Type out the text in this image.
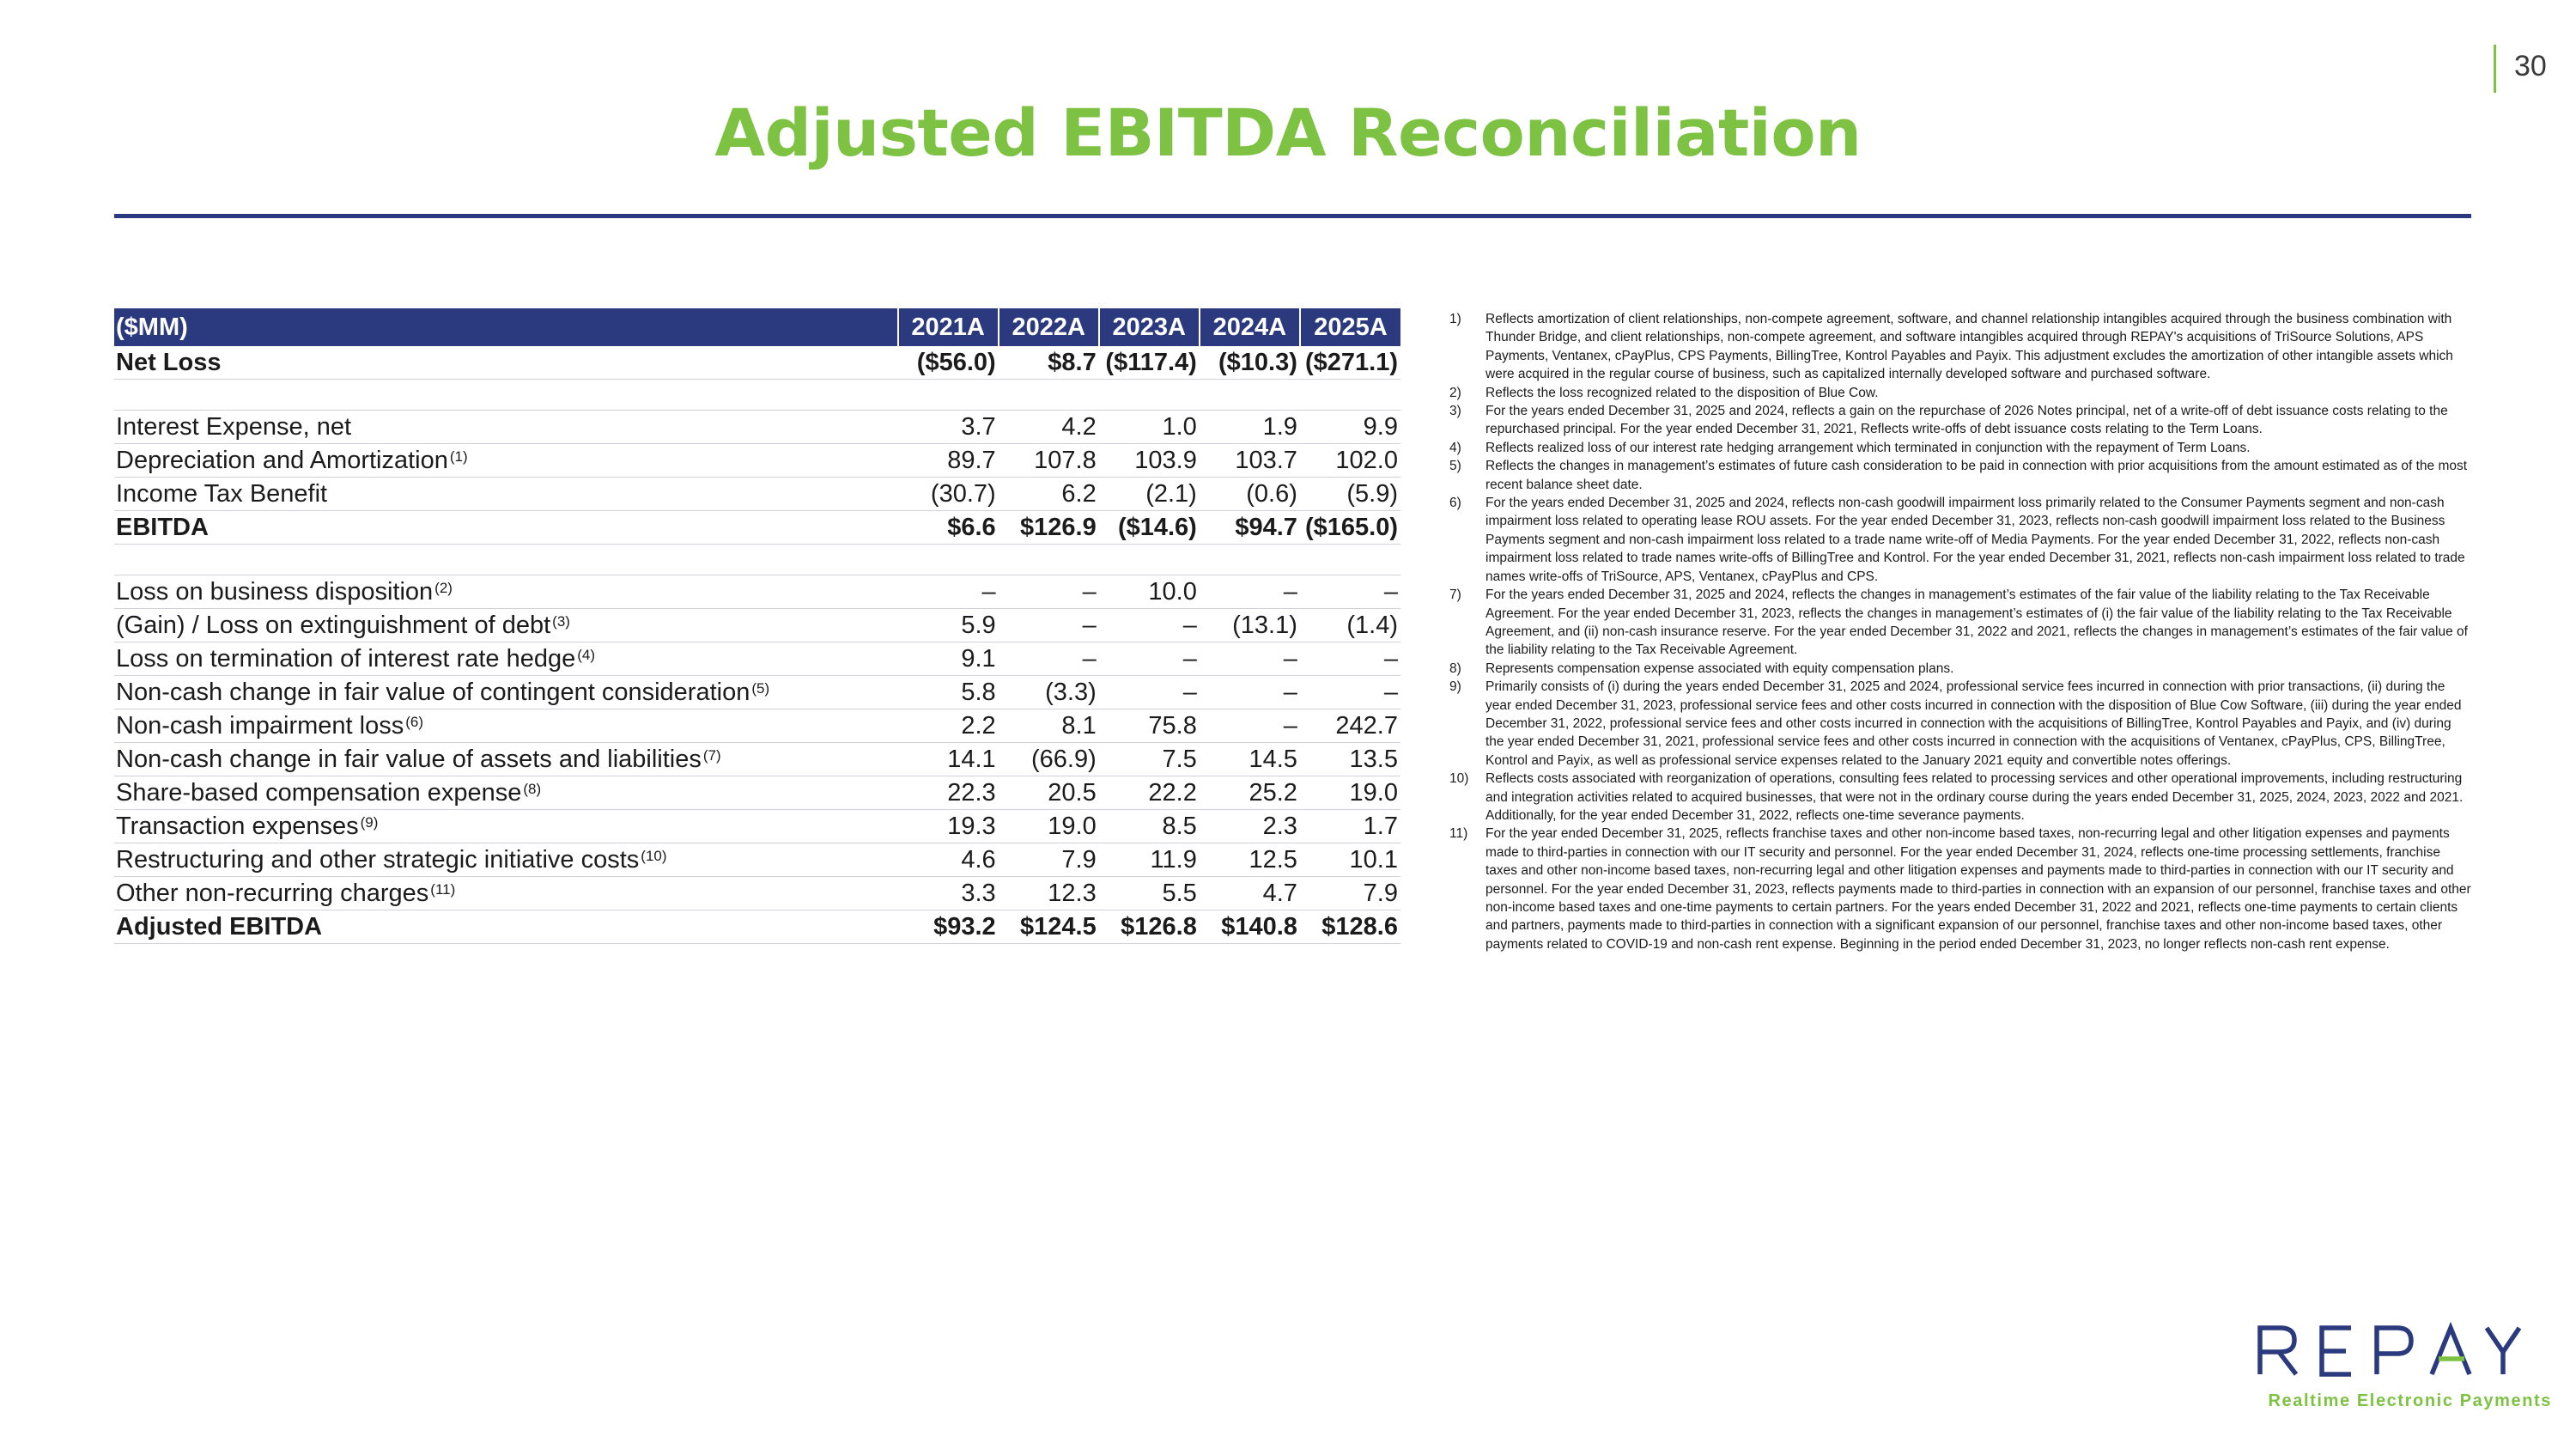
30
Adjusted EBITDA Reconciliation
($MM)	2021A	2022A	2023A	2024A	2025A
Net Loss	($56.0)	$8.7	($117.4)	($10.3)	($271.1)

Interest Expense, net	3.7	4.2	1.0	1.9	9.9
Depreciation and Amortization $^{(1)}$	89.7	107.8	103.9	103.7	102.0
Income Tax Benefit	(30.7)	6.2	(2.1)	(0.6)	(5.9)
EBITDA	$6.6	$126.9	($14.6)	$94.7	($165.0)

Loss on business disposition $^{(2)}$	–	–	10.0	–	–
(Gain) / Loss on extinguishment of debt $^{(3)}$	5.9	–	–	(13.1)	(1.4)
Loss on termination of interest rate hedge $^{(4)}$	9.1	–	–	–	–
Non-cash change in fair value of contingent consideration $^{(5)}$	5.8	(3.3)	–	–	–
Non-cash impairment loss $^{(6)}$	2.2	8.1	75.8	–	242.7
Non-cash change in fair value of assets and liabilities $^{(7)}$	14.1	(66.9)	7.5	14.5	13.5
Share-based compensation expense $^{(8)}$	22.3	20.5	22.2	25.2	19.0
Transaction expenses $^{(9)}$	19.3	19.0	8.5	2.3	1.7
Restructuring and other strategic initiative costs $^{(10)}$	4.6	7.9	11.9	12.5	10.1
Other non-recurring charges $^{(11)}$	3.3	12.3	5.5	4.7	7.9
Adjusted EBITDA	$93.2	$124.5	$126.8	$140.8	$128.6
1)	Reflects amortization of client relationships, non-compete agreement, software, and channel relationship intangibles acquired through the business combination with Thunder Bridge, and client relationships, non-compete agreement, and software intangibles acquired through REPAY's acquisitions of TriSource Solutions, APS Payments, Ventanex, cPayPlus, CPS Payments, BillingTree, Kontrol Payables and Payix. This adjustment excludes the amortization of other intangible assets which were acquired in the regular course of business, such as capitalized internally developed software and purchased software.
2)	Reflects the loss recognized related to the disposition of Blue Cow.
3)	For the years ended December 31, 2025 and 2024, reflects a gain on the repurchase of 2026 Notes principal, net of a write-off of debt issuance costs relating to the repurchased principal. For the year ended December 31, 2021, Reflects write-offs of debt issuance costs relating to the Term Loans.
4)	Reflects realized loss of our interest rate hedging arrangement which terminated in conjunction with the repayment of Term Loans.
5)	Reflects the changes in management’s estimates of future cash consideration to be paid in connection with prior acquisitions from the amount estimated as of the most recent balance sheet date.
6)	For the years ended December 31, 2025 and 2024, reflects non-cash goodwill impairment loss primarily related to the Consumer Payments segment and non-cash impairment loss related to operating lease ROU assets. For the year ended December 31, 2023, reflects non-cash goodwill impairment loss related to the Business Payments segment and non-cash impairment loss related to a trade name write-off of Media Payments. For the year ended December 31, 2022, reflects non-cash impairment loss related to trade names write-offs of BillingTree and Kontrol. For the year ended December 31, 2021, reflects non-cash impairment loss related to trade names write-offs of TriSource, APS, Ventanex, cPayPlus and CPS.
7)	For the years ended December 31, 2025 and 2024, reflects the changes in management’s estimates of the fair value of the liability relating to the Tax Receivable Agreement. For the year ended December 31, 2023, reflects the changes in management’s estimates of (i) the fair value of the liability relating to the Tax Receivable Agreement, and (ii) non-cash insurance reserve. For the year ended December 31, 2022 and 2021, reflects the changes in management’s estimates of the fair value of the liability relating to the Tax Receivable Agreement.
8)	Represents compensation expense associated with equity compensation plans.
9)	Primarily consists of (i) during the years ended December 31, 2025 and 2024, professional service fees incurred in connection with prior transactions, (ii) during the year ended December 31, 2023, professional service fees and other costs incurred in connection with the disposition of Blue Cow Software, (iii) during the year ended December 31, 2022, professional service fees and other costs incurred in connection with the acquisitions of BillingTree, Kontrol Payables and Payix, and (iv) during the year ended December 31, 2021, professional service fees and other costs incurred in connection with the acquisitions of Ventanex, cPayPlus, CPS, BillingTree, Kontrol and Payix, as well as professional service expenses related to the January 2021 equity and convertible notes offerings.
10)	Reflects costs associated with reorganization of operations, consulting fees related to processing services and other operational improvements, including restructuring and integration activities related to acquired businesses, that were not in the ordinary course during the years ended December 31, 2025, 2024, 2023, 2022 and 2021. Additionally, for the year ended December 31, 2022, reflects one-time severance payments.
11)	For the year ended December 31, 2025, reflects franchise taxes and other non-income based taxes, non-recurring legal and other litigation expenses and payments made to third-parties in connection with our IT security and personnel. For the year ended December 31, 2024, reflects one-time processing settlements, franchise taxes and other non-income based taxes, non-recurring legal and other litigation expenses and payments made to third-parties in connection with our IT security and personnel. For the year ended December 31, 2023, reflects payments made to third-parties in connection with an expansion of our personnel, franchise taxes and other non-income based taxes and one-time payments to certain partners. For the years ended December 31, 2022 and 2021, reflects one-time payments to certain clients and partners, payments made to third-parties in connection with a significant expansion of our personnel, franchise taxes and other non-income based taxes, other payments related to COVID-19 and non-cash rent expense. Beginning in the period ended December 31, 2023, no longer reflects non-cash rent expense.
Realtime Electronic Payments
